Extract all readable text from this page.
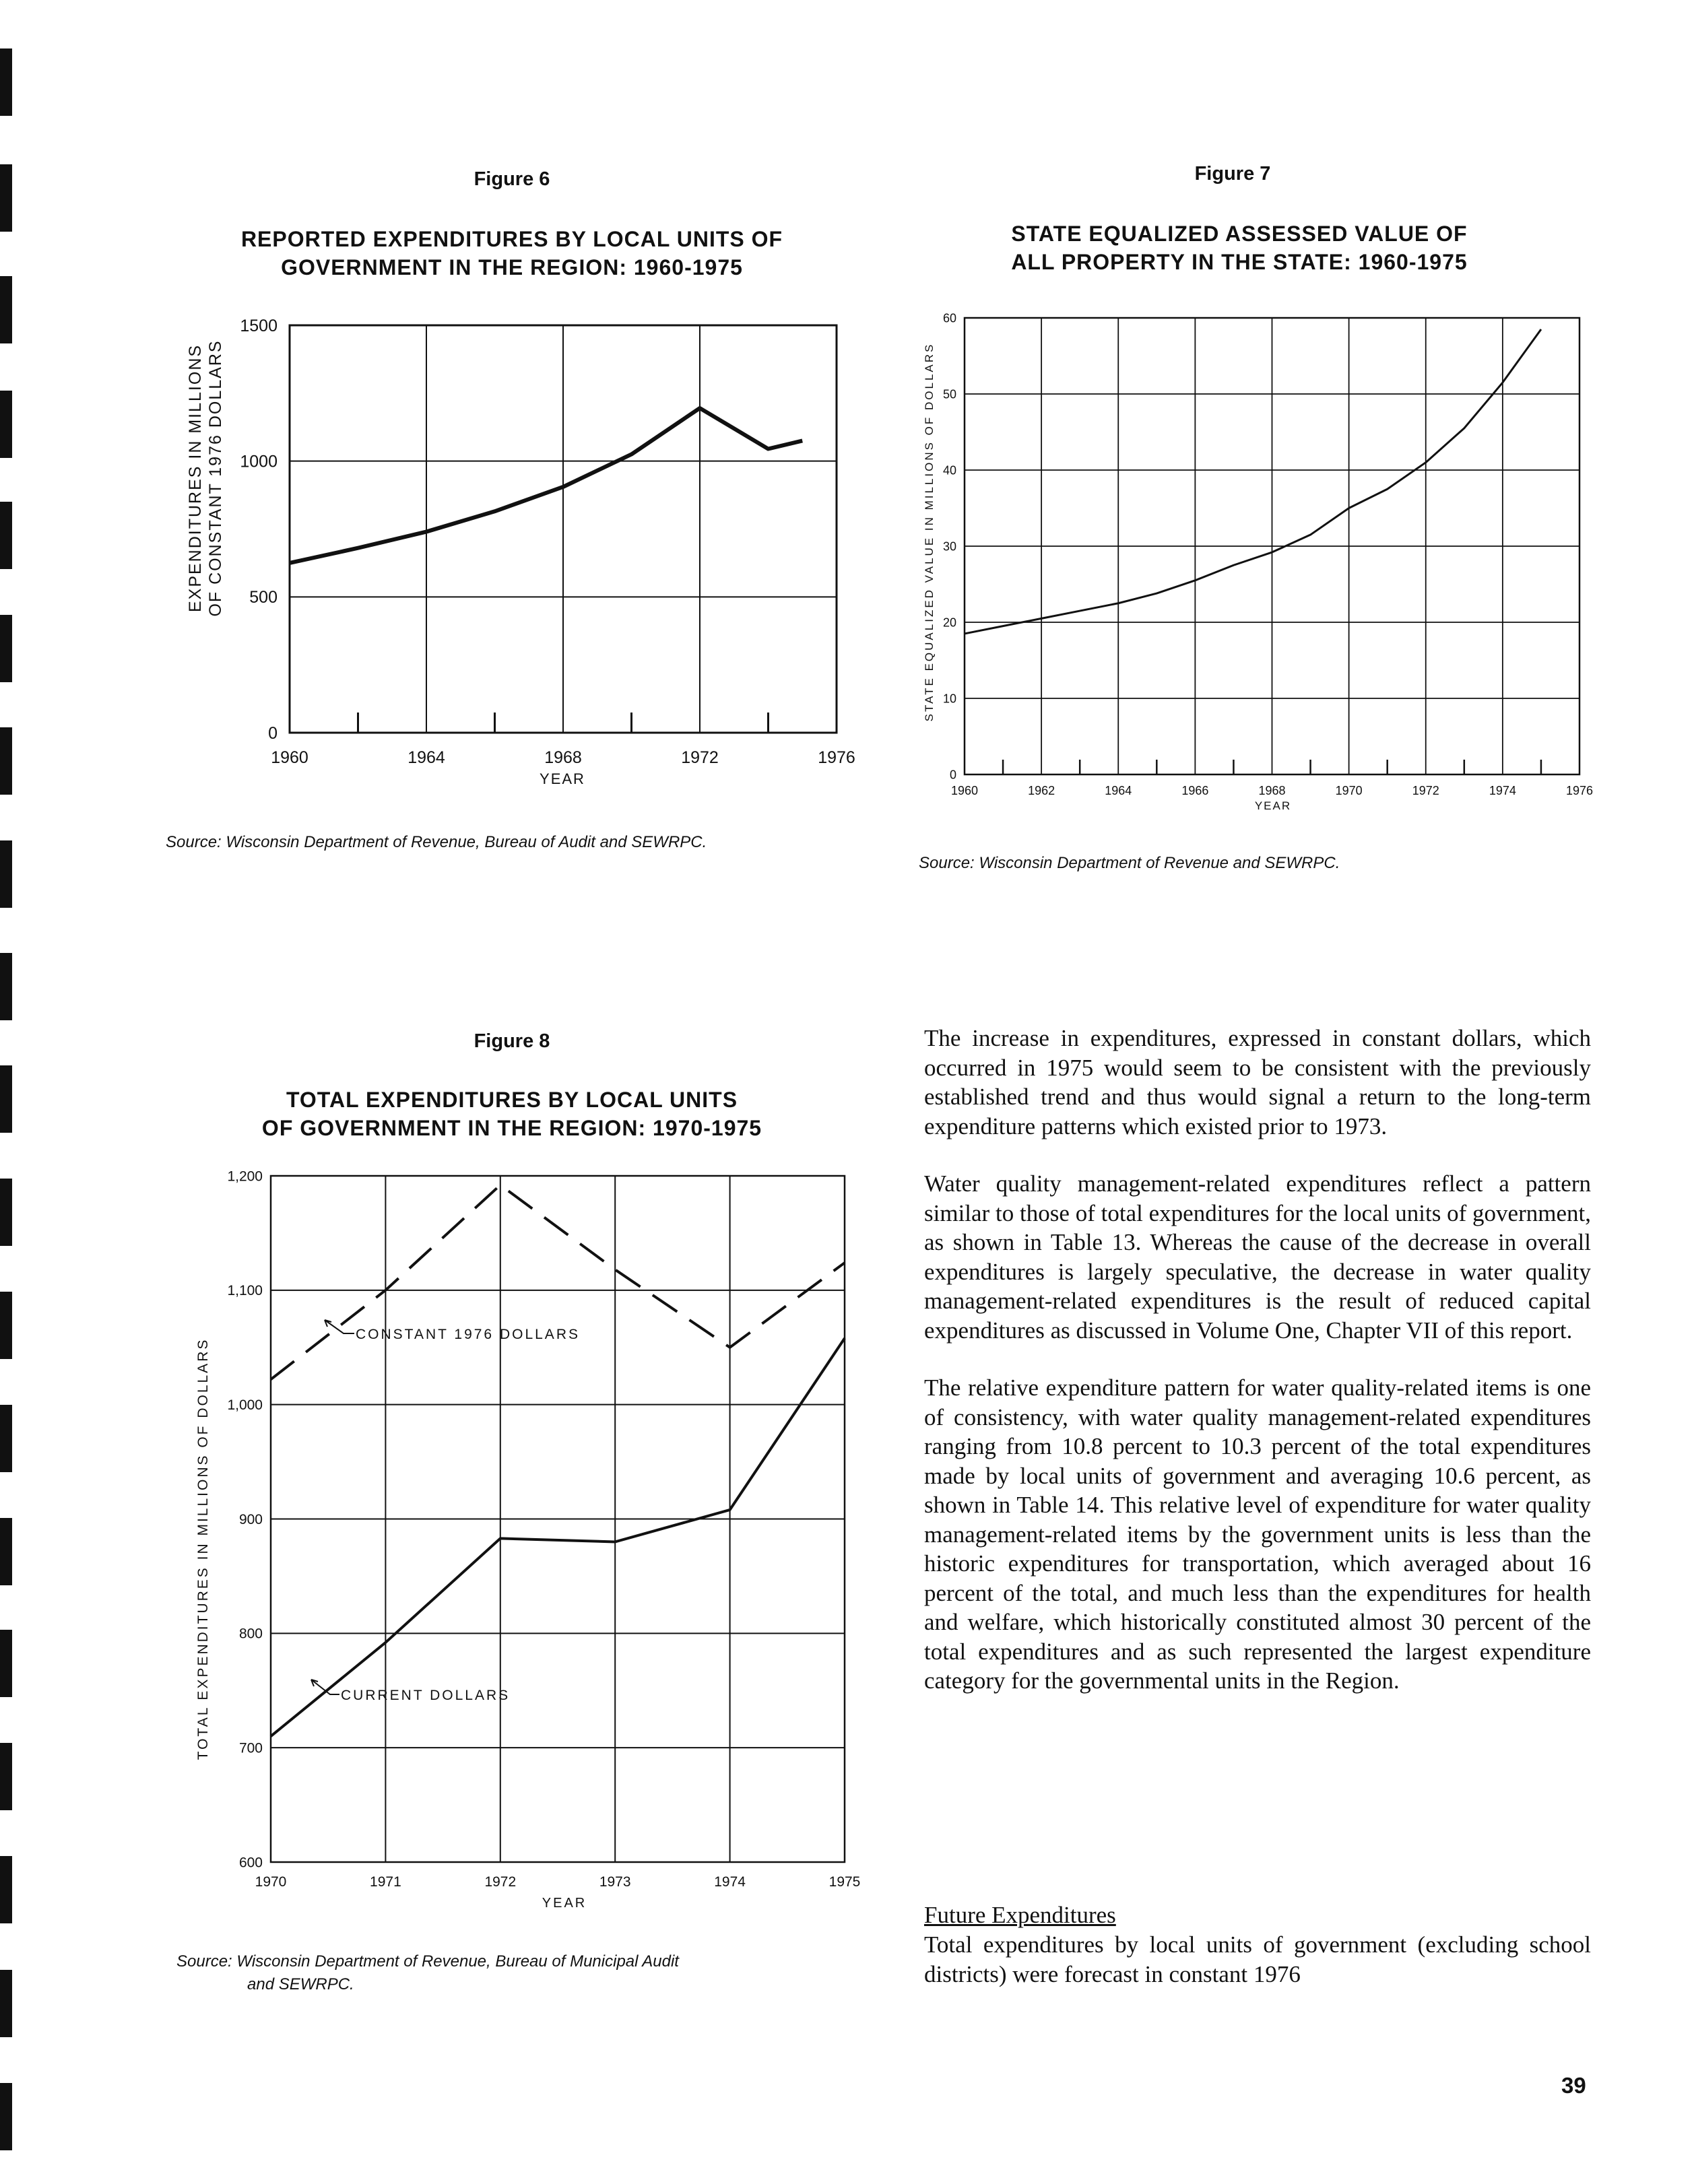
Figure 6
REPORTED EXPENDITURES BY LOCAL UNITS OF
GOVERNMENT IN THE REGION: 1960-1975
1960	1964	1968	1972	1976
0
500
1000
1500
EXPENDITURES IN MILLIONS OF CONSTANT 1976 DOLLARS
YEAR
Source: Wisconsin Department of Revenue, Bureau of Audit and SEWRPC.
Figure 7
STATE EQUALIZED ASSESSED VALUE OF
ALL PROPERTY IN THE STATE: 1960-1975
1960	1962	1964	1966	1968	1970	1972	1974	1976
0
10
20
30
40
50
60
STATE EQUALIZED VALUE IN MILLIONS OF DOLLARS
YEAR
Source: Wisconsin Department of Revenue and SEWRPC.
Figure 8
TOTAL EXPENDITURES BY LOCAL UNITS
OF GOVERNMENT IN THE REGION: 1970-1975
1970	1971	1972	1973	1974	1975
600
700
800
900
1,000
1,100
1,200
TOTAL EXPENDITURES IN MILLIONS OF DOLLARS
YEAR
CONSTANT 1976 DOLLARS
CURRENT DOLLARS
Source: Wisconsin Department of Revenue, Bureau of Municipal Audit
and SEWRPC.

The increase in expenditures, expressed in constant dollars, which occurred in 1975 would seem to be consistent with the previously established trend and thus would signal a return to the long-term expenditure patterns which existed prior to 1973.

Water quality management-related expenditures reflect a pattern similar to those of total expenditures for the local units of government, as shown in Table 13. Whereas the cause of the decrease in overall expenditures is largely speculative, the decrease in water quality management-related expenditures is the result of reduced capital expenditures as discussed in Volume One, Chapter VII of this report.

The relative expenditure pattern for water quality-related items is one of consistency, with water quality management-related expenditures ranging from 10.8 percent to 10.3 percent of the total expenditures made by local units of government and averaging 10.6 percent, as shown in Table 14. This relative level of expenditure for water quality management-related items by the government units is less than the historic expenditures for transportation, which averaged about 16 percent of the total, and much less than the expenditures for health and welfare, which historically constituted almost 30 percent of the total expenditures and as such represented the largest expenditure category for the governmental units in the Region.

Future Expenditures
Total expenditures by local units of government (excluding school districts) were forecast in constant 1976
39
